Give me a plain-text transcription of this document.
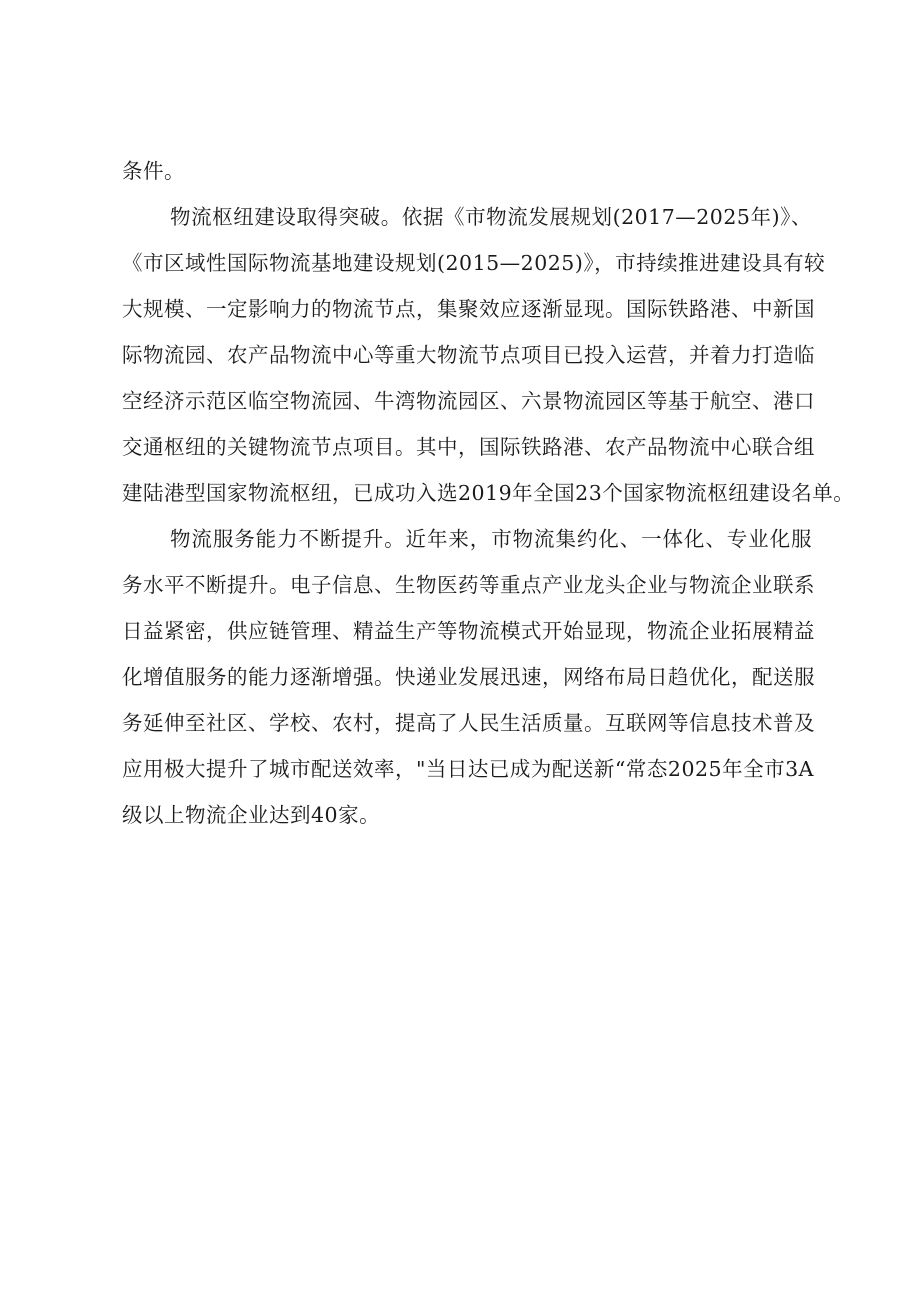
条件。
物流枢纽建设取得突破。依据《市物流发展规划(2017—2025年)》、
《市区域性国际物流基地建设规划(2015—2025)》，市持续推进建设具有较
大规模、一定影响力的物流节点，集聚效应逐渐显现。国际铁路港、中新国
际物流园、农产品物流中心等重大物流节点项目已投入运营，并着力打造临
空经济示范区临空物流园、牛湾物流园区、六景物流园区等基于航空、港口
交通枢纽的关键物流节点项目。其中，国际铁路港、农产品物流中心联合组
建陆港型国家物流枢纽，已成功入选2019年全国23个国家物流枢纽建设名单。
物流服务能力不断提升。近年来，市物流集约化、一体化、专业化服
务水平不断提升。电子信息、生物医药等重点产业龙头企业与物流企业联系
日益紧密，供应链管理、精益生产等物流模式开始显现，物流企业拓展精益
化增值服务的能力逐渐增强。快递业发展迅速，网络布局日趋优化，配送服
务延伸至社区、学校、农村，提高了人民生活质量。互联网等信息技术普及
应用极大提升了城市配送效率，"当日达已成为配送新“常态2025年全市3A
级以上物流企业达到40家。
